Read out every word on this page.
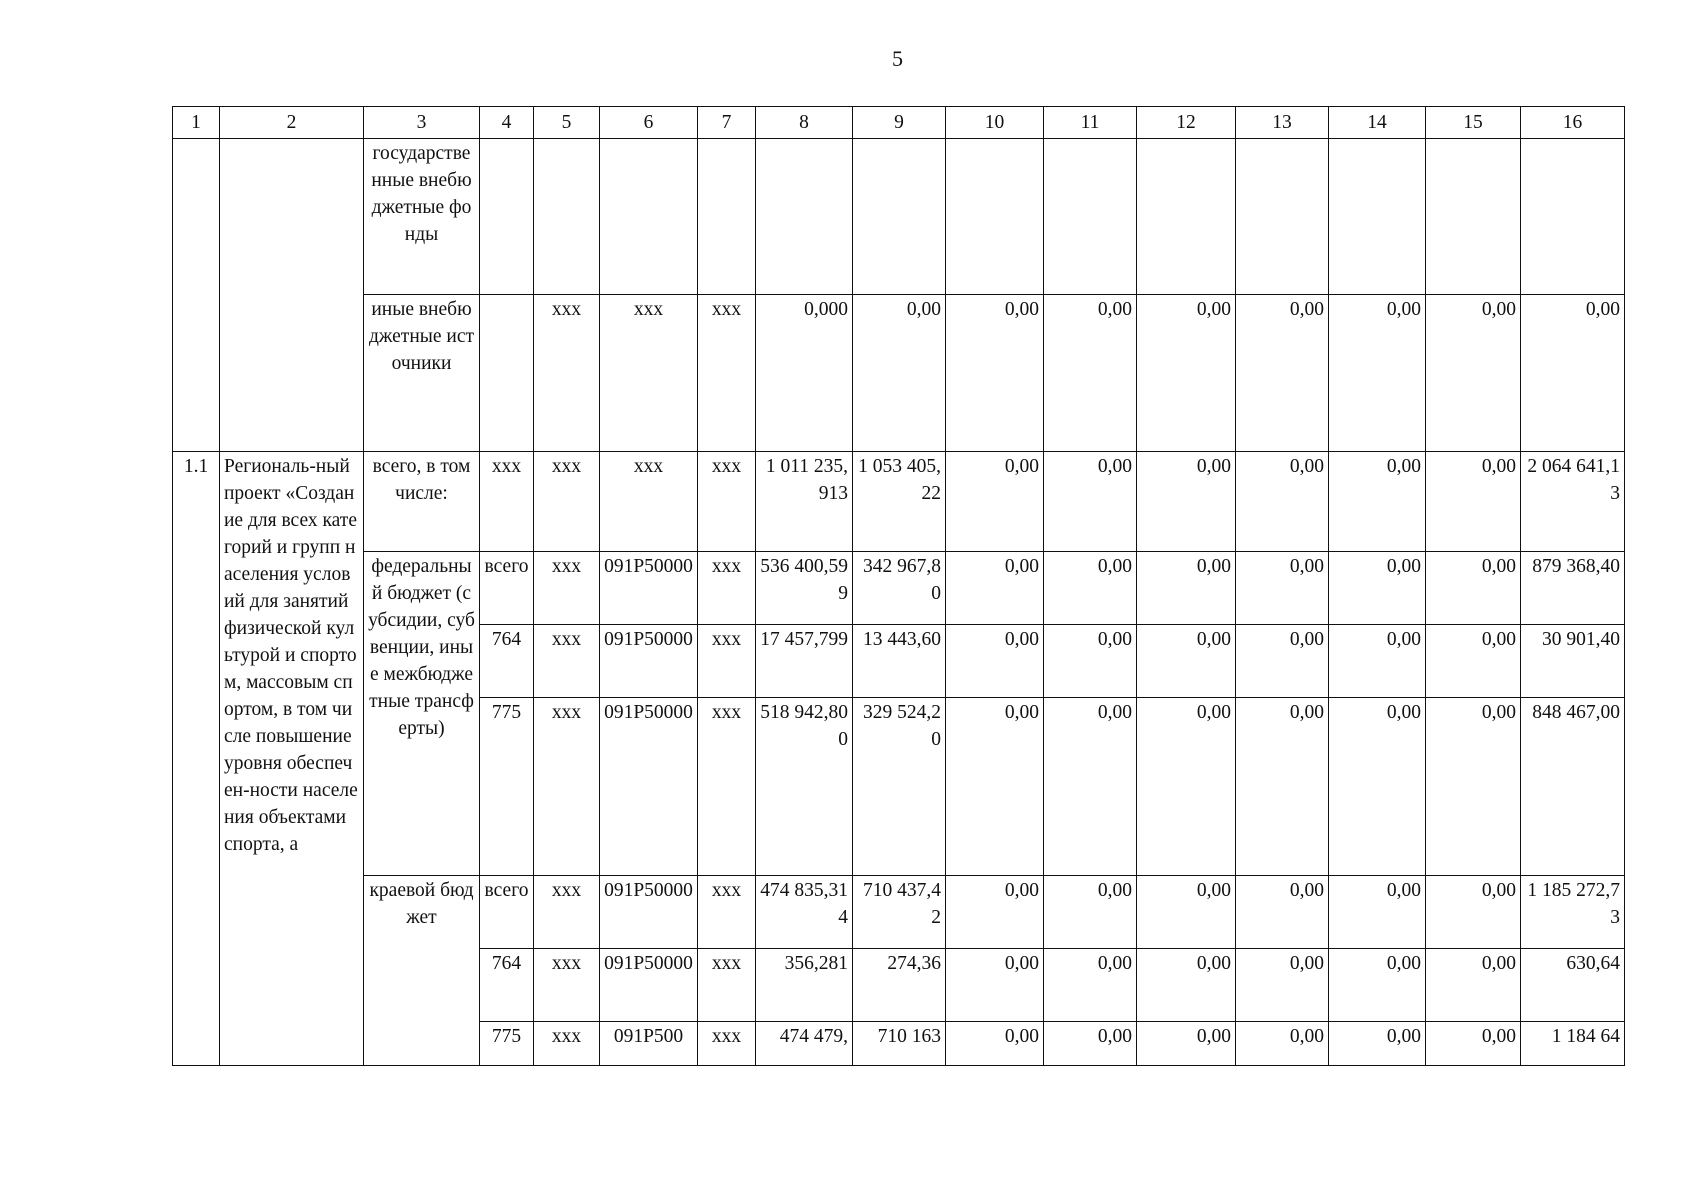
5
1	2	3	4	5	6	7	8	9	10	11	12	13	14	15	16
		государственные внебюджетные фонды													
		иные внебюджетные источники		xxx	xxx	xxx	0,000	0,00	0,00	0,00	0,00	0,00	0,00	0,00	0,00
1.1	Региональ-ный проект «Создание для всех категорий и групп населения условий для занятий физической культурой и спортом, массовым спортом, в том числе повышение уровня обеспечен-ности населения объектами спорта, а	всего, в том числе:	xxx	xxx	xxx	xxx	1 011 235,913	1 053 405,22	0,00	0,00	0,00	0,00	0,00	0,00	2 064 641,13
		федеральный бюджет (субсидии, субвенции, иные межбюджетные трансферты)	всего	xxx	091P50000	xxx	536 400,599	342 967,80	0,00	0,00	0,00	0,00	0,00	0,00	879 368,40
			764	xxx	091P50000	xxx	17 457,799	13 443,60	0,00	0,00	0,00	0,00	0,00	0,00	30 901,40
			775	xxx	091P50000	xxx	518 942,800	329 524,20	0,00	0,00	0,00	0,00	0,00	0,00	848 467,00
		краевой бюджет	всего	xxx	091P50000	xxx	474 835,314	710 437,42	0,00	0,00	0,00	0,00	0,00	0,00	1 185 272,73
			764	xxx	091P50000	xxx	356,281	274,36	0,00	0,00	0,00	0,00	0,00	0,00	630,64
			775	xxx	091P500	xxx	474 479,	710 163	0,00	0,00	0,00	0,00	0,00	0,00	1 184 64
